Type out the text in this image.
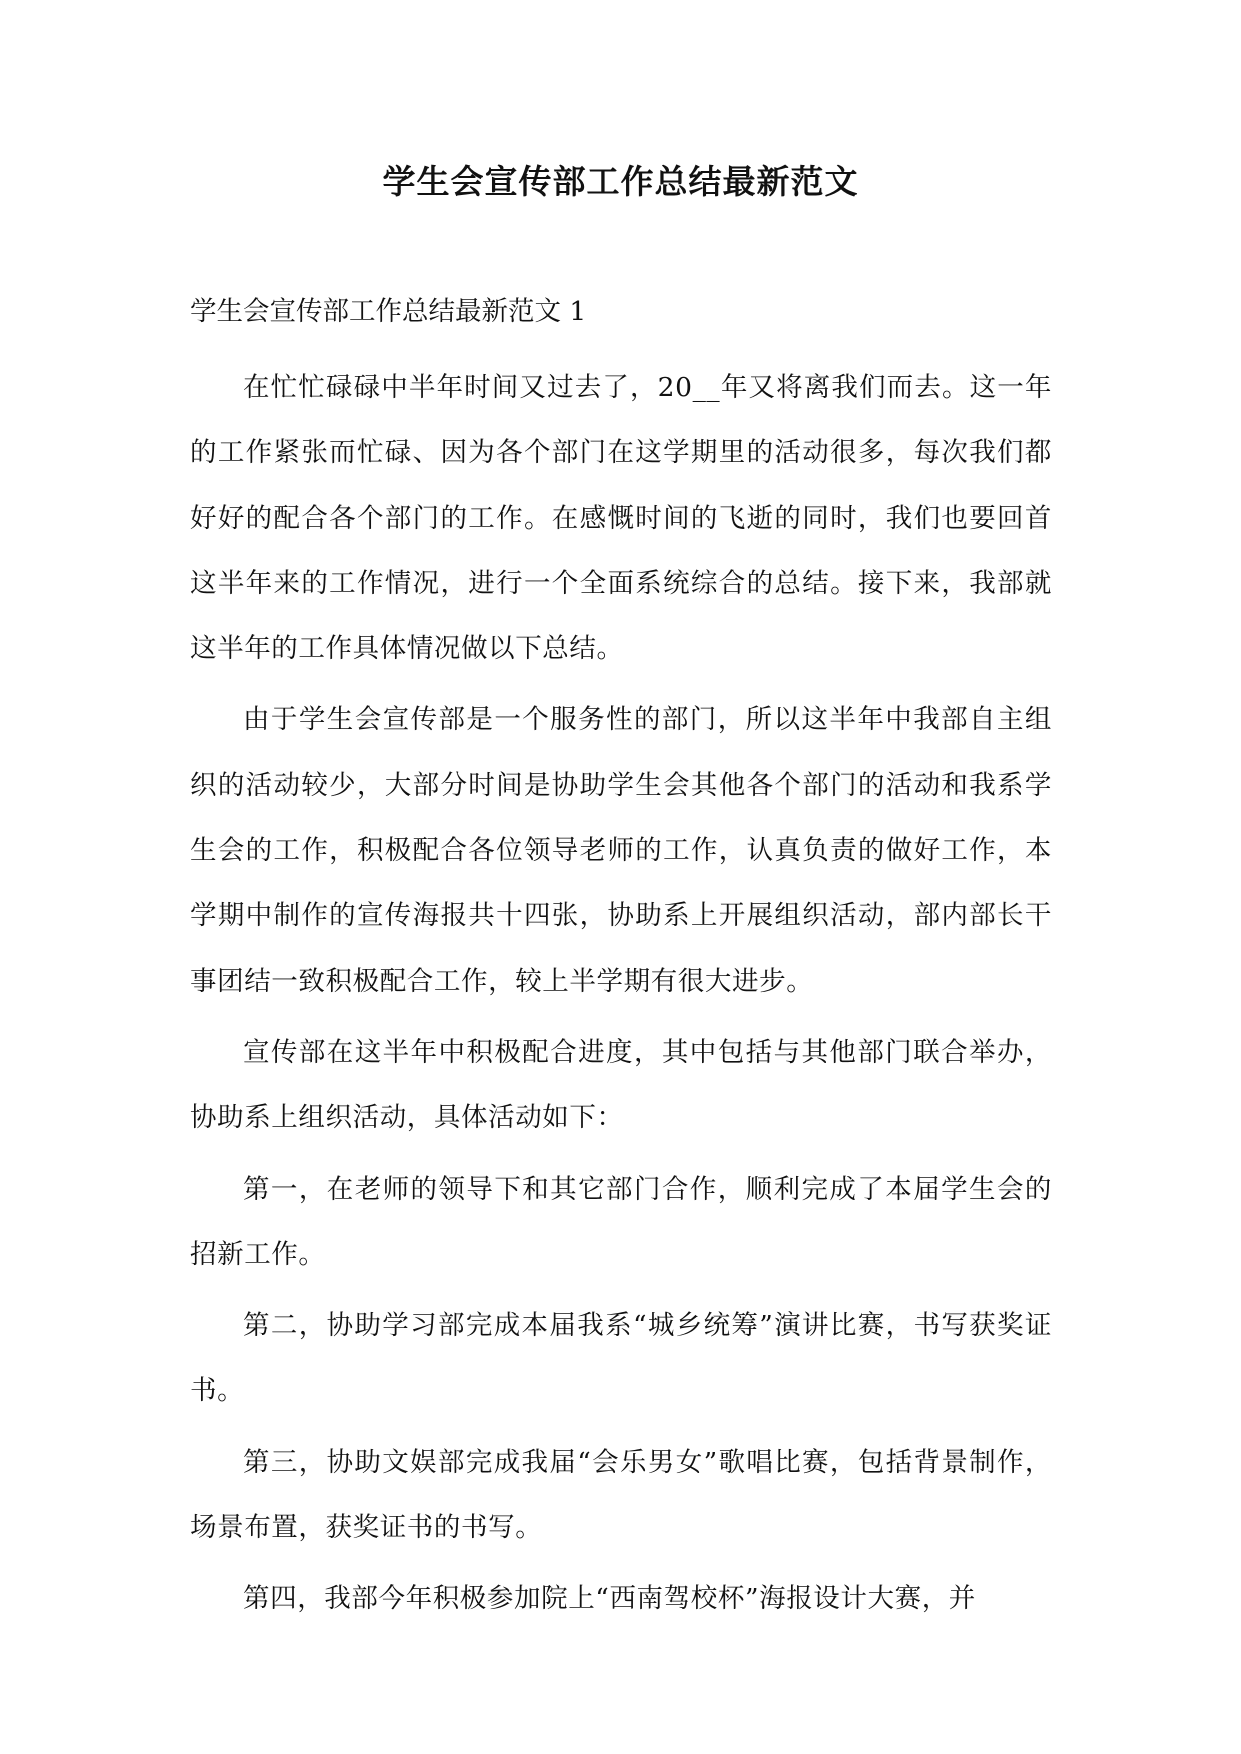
学生会宣传部工作总结最新范文

学生会宣传部工作总结最新范文 1

在忙忙碌碌中半年时间又过去了，20__年又将离我们而去。这一年的工作紧张而忙碌、因为各个部门在这学期里的活动很多，每次我们都好好的配合各个部门的工作。在感慨时间的飞逝的同时，我们也要回首这半年来的工作情况，进行一个全面系统综合的总结。接下来，我部就这半年的工作具体情况做以下总结。

由于学生会宣传部是一个服务性的部门，所以这半年中我部自主组织的活动较少，大部分时间是协助学生会其他各个部门的活动和我系学生会的工作，积极配合各位领导老师的工作，认真负责的做好工作，本学期中制作的宣传海报共十四张，协助系上开展组织活动，部内部长干事团结一致积极配合工作，较上半学期有很大进步。

宣传部在这半年中积极配合进度，其中包括与其他部门联合举办，协助系上组织活动，具体活动如下：

第一，在老师的领导下和其它部门合作，顺利完成了本届学生会的招新工作。

第二，协助学习部完成本届我系“城乡统筹”演讲比赛，书写获奖证书。

第三，协助文娱部完成我届“会乐男女”歌唱比赛，包括背景制作，场景布置，获奖证书的书写。

第四，我部今年积极参加院上“西南驾校杯”海报设计大赛，并
